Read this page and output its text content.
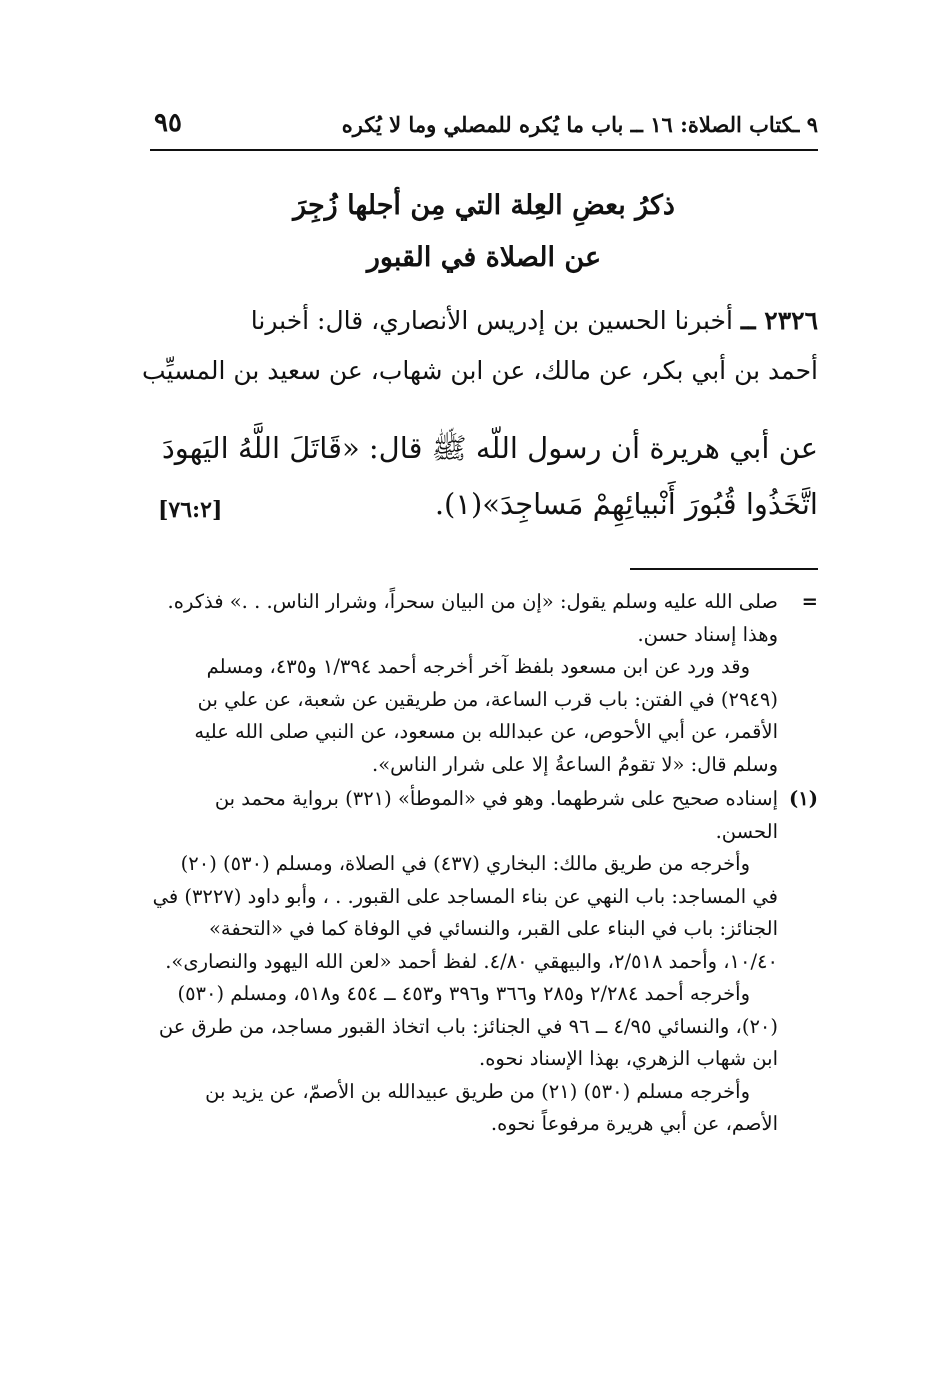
٩ ـكتاب الصلاة: ١٦ ــ باب ما يُكره للمصلي وما لا يُكره
٩٥
ذكرُ بعضِ العِلة التي مِن أجلها زُجِرَ
عن الصلاة في القبور
٢٣٢٦ ــ أخبرنا الحسين بن إدريس الأنصاري، قال: أخبرنا
أحمد بن أبي بكر، عن مالك، عن ابن شهاب، عن سعيد بن المسيِّب
عن أبي هريرة أن رسول اللّه ﷺ قال: «قَاتَلَ اللَّهُ اليَهودَ
اتَّخَذُوا قُبُورَ أَنْبيائِهِمْ مَساجِدَ»(١).
[٧٦:٢]
=

صلى الله عليه وسلم يقول: «إن من البيان سحراً، وشرار الناس. . .» فذكره. وهذا إسناد حسن.

وقد ورد عن ابن مسعود بلفظ آخر أخرجه أحمد ١/٣٩٤ و٤٣٥، ومسلم (٢٩٤٩) في الفتن: باب قرب الساعة، من طريقين عن شعبة، عن علي بن الأقمر، عن أبي الأحوص، عن عبدالله بن مسعود، عن النبي صلى الله عليه وسلم قال: «لا تقومُ الساعةُ إلا على شرار الناس».

(١)

إسناده صحيح على شرطهما. وهو في «الموطأ» (٣٢١) برواية محمد بن الحسن.

وأخرجه من طريق مالك: البخاري (٤٣٧) في الصلاة، ومسلم (٥٣٠) (٢٠) في المساجد: باب النهي عن بناء المساجد على القبور. . ، وأبو داود (٣٢٢٧) في الجنائز: باب في البناء على القبر، والنسائي في الوفاة كما في «التحفة» ١٠/٤٠، وأحمد ٢/٥١٨، والبيهقي ٤/٨٠. لفظ أحمد «لعن الله اليهود والنصارى».

وأخرجه أحمد ٢/٢٨٤ و٢٨٥ و٣٦٦ و٣٩٦ و٤٥٣ ــ ٤٥٤ و٥١٨، ومسلم (٥٣٠) (٢٠)، والنسائي ٤/٩٥ ــ ٩٦ في الجنائز: باب اتخاذ القبور مساجد، من طرق عن ابن شهاب الزهري، بهذا الإسناد نحوه.

وأخرجه مسلم (٥٣٠) (٢١) من طريق عبيدالله بن الأصمّ، عن يزيد بن الأصم، عن أبي هريرة مرفوعاً نحوه.
